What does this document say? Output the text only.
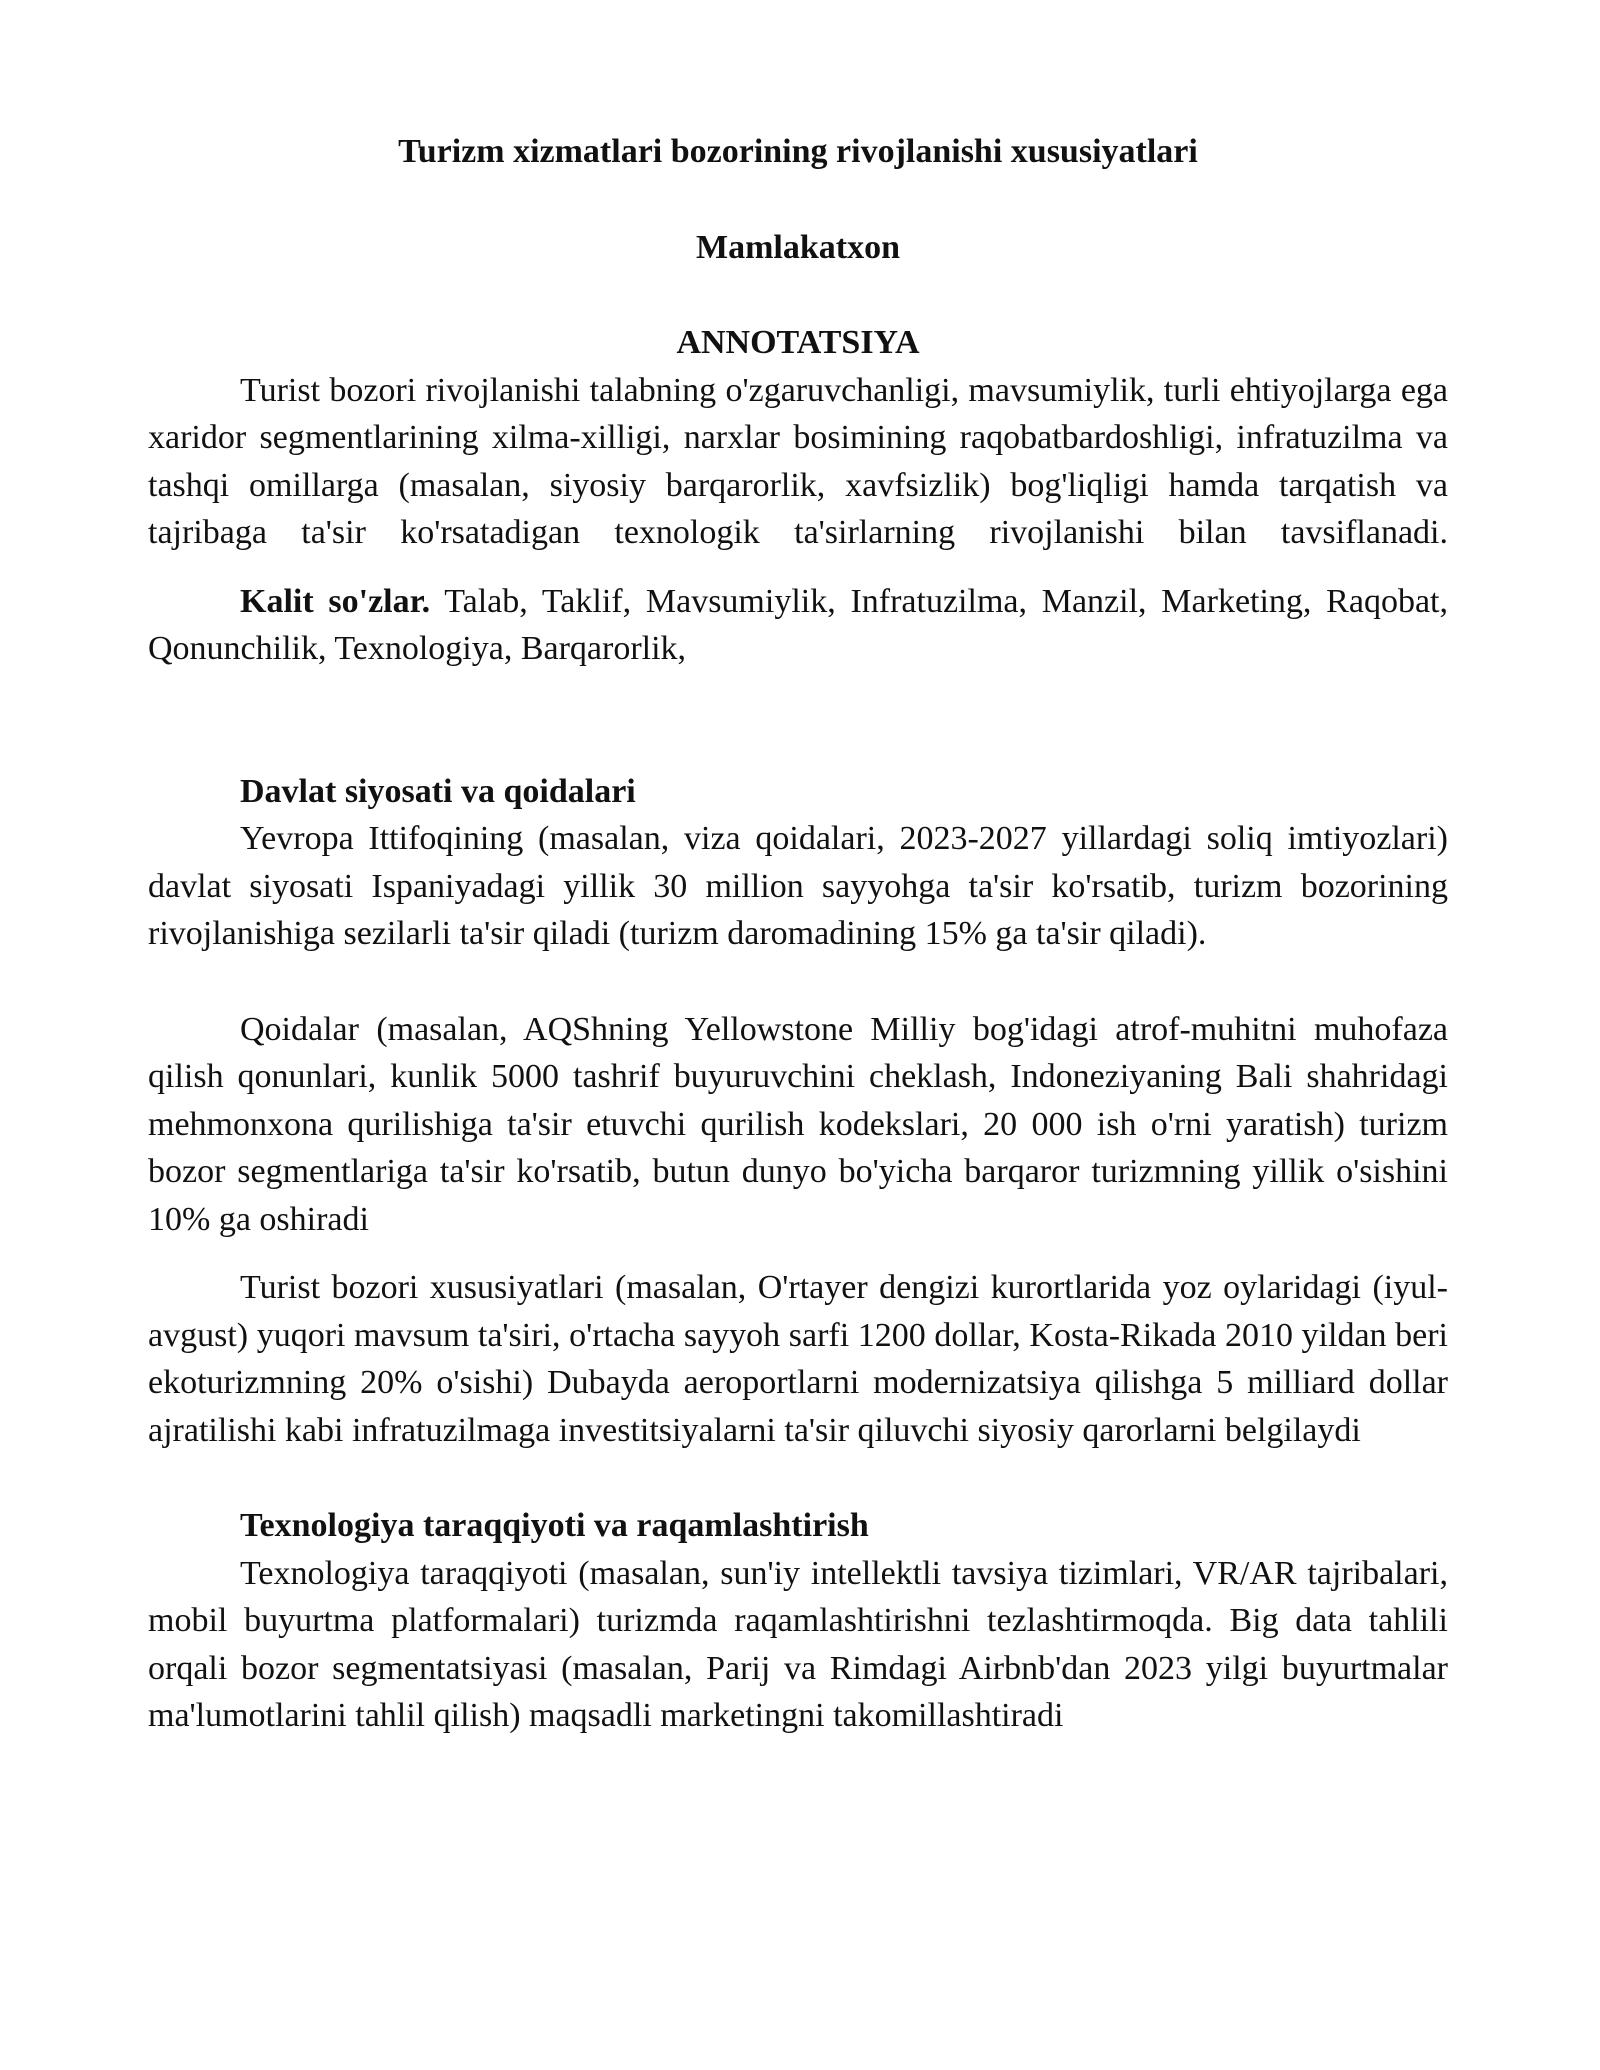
Turizm xizmatlari bozorining rivojlanishi xususiyatlari
Mamlakatxon
ANNOTATSIYA

Turist bozori rivojlanishi talabning o'zgaruvchanligi, mavsumiylik, turli ehtiyojlarga ega xaridor segmentlarining xilma-xilligi, narxlar bosimining raqobatbardoshligi, infratuzilma va tashqi omillarga (masalan, siyosiy barqarorlik, xavfsizlik) bog'liqligi hamda tarqatish va tajribaga ta'sir ko'rsatadigan texnologik ta'sirlarning rivojlanishi bilan tavsiflanadi.

Kalit so'zlar. Talab, Taklif, Mavsumiylik, Infratuzilma, Manzil, Marketing, Raqobat, Qonunchilik, Texnologiya, Barqarorlik,

Davlat siyosati va qoidalari

Yevropa Ittifoqining (masalan, viza qoidalari, 2023-2027 yillardagi soliq imtiyozlari) davlat siyosati Ispaniyadagi yillik 30 million sayyohga ta'sir ko'rsatib, turizm bozorining rivojlanishiga sezilarli ta'sir qiladi (turizm daromadining 15% ga ta'sir qiladi).

Qoidalar (masalan, AQShning Yellowstone Milliy bog'idagi atrof-muhitni muhofaza qilish qonunlari, kunlik 5000 tashrif buyuruvchini cheklash, Indoneziyaning Bali shahridagi mehmonxona qurilishiga ta'sir etuvchi qurilish kodekslari, 20 000 ish o'rni yaratish) turizm bozor segmentlariga ta'sir ko'rsatib, butun dunyo bo'yicha barqaror turizmning yillik o'sishini 10% ga oshiradi

Turist bozori xususiyatlari (masalan, O'rtayer dengizi kurortlarida yoz oylaridagi (iyul-avgust) yuqori mavsum ta'siri, o'rtacha sayyoh sarfi 1200 dollar, Kosta-Rikada 2010 yildan beri ekoturizmning 20% o'sishi) Dubayda aeroportlarni modernizatsiya qilishga 5 milliard dollar ajratilishi kabi infratuzilmaga investitsiyalarni ta'sir qiluvchi siyosiy qarorlarni belgilaydi

Texnologiya taraqqiyoti va raqamlashtirish

Texnologiya taraqqiyoti (masalan, sun'iy intellektli tavsiya tizimlari, VR/AR tajribalari, mobil buyurtma platformalari) turizmda raqamlashtirishni tezlashtirmoqda. Big data tahlili orqali bozor segmentatsiyasi (masalan, Parij va Rimdagi Airbnb'dan 2023 yilgi buyurtmalar ma'lumotlarini tahlil qilish) maqsadli marketingni takomillashtiradi
